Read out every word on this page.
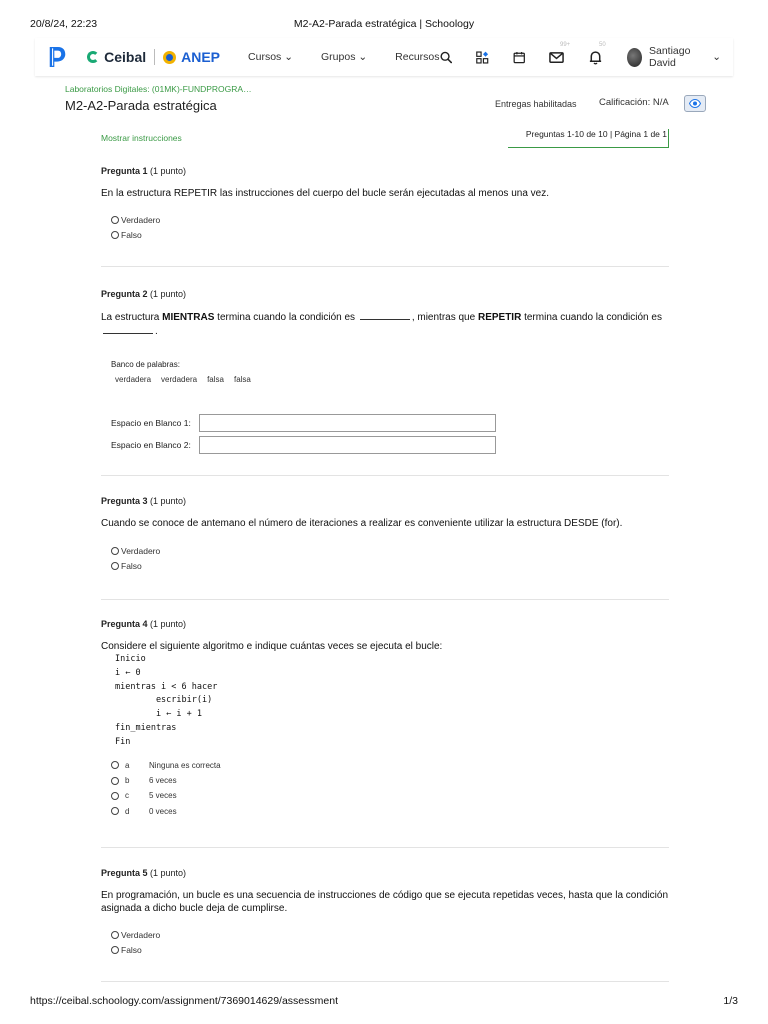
20/8/24, 22:23	M2-A2-Parada estratégica | Schoology
Ceibal	ANEP	Cursos ⌄	Grupos ⌄	Recursos
99+	50
Santiago David	⌄
Laboratorios Digitales: (01MK)-FUNDPROGRA…
M2-A2-Parada estratégica	Entregas habilitadas Calificación: N/A
Mostrar instrucciones	Preguntas 1-10 de 10 | Página 1 de 1
Pregunta 1 (1 punto)
En la estructura REPETIR las instrucciones del cuerpo del bucle serán ejecutadas al menos una vez.
Verdadero
Falso
Pregunta 2 (1 punto)
La estructura MIENTRAS termina cuando la condición es	, mientras que REPETIR termina cuando la condición es .
Banco de palabras:
verdadera verdadera falsa falsa
Espacio en Blanco 1:
Espacio en Blanco 2:
Pregunta 3 (1 punto)
Cuando se conoce de antemano el número de iteraciones a realizar es conveniente utilizar la estructura DESDE (for).
Verdadero
Falso
Pregunta 4 (1 punto)
Considere el siguiente algoritmo e indique cuántas veces se ejecuta el bucle:
Inicio
i ← 0
mientras i < 6 hacer
escribir(i)
i ← i + 1
fin_mientras
Fin
a	Ninguna es correcta
b	6 veces
c	5 veces
d	0 veces
Pregunta 5 (1 punto)
En programación, un bucle es una secuencia de instrucciones de código que se ejecuta repetidas veces, hasta que la condición asignada a dicho bucle deja de cumplirse.
Verdadero
Falso
https://ceibal.schoology.com/assignment/7369014629/assessment	1/3
